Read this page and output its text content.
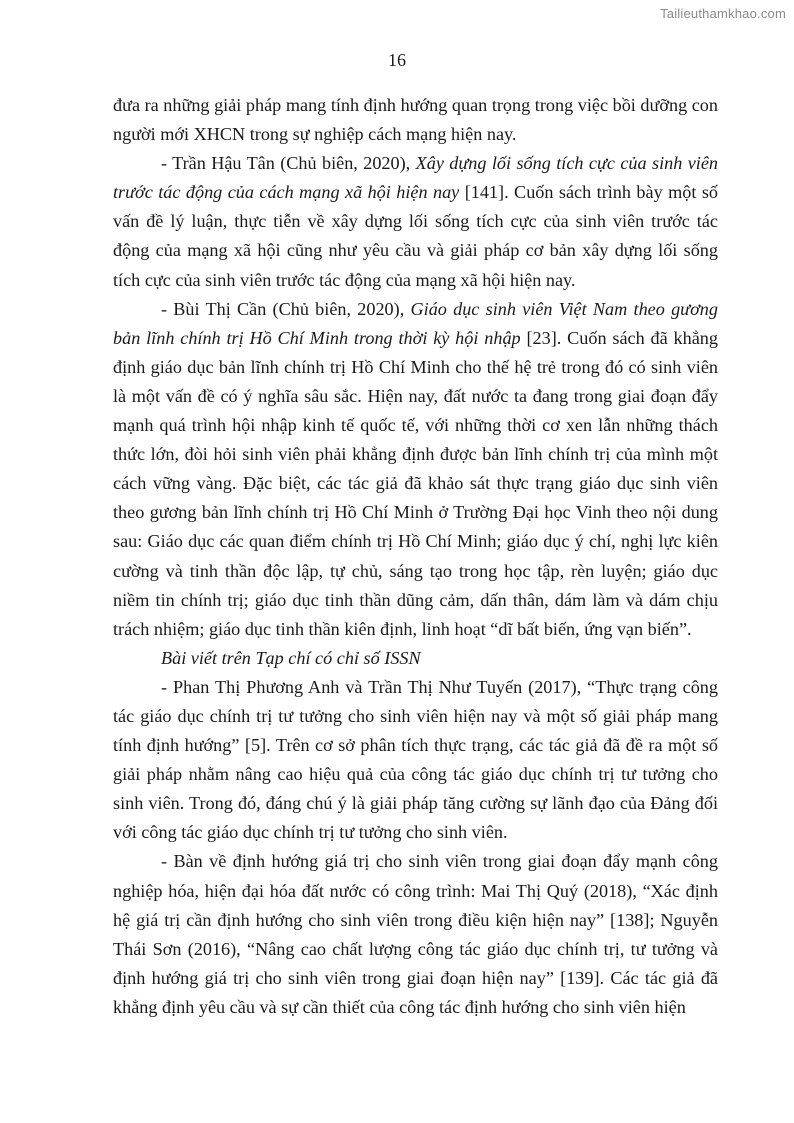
Tailieuthamkhao.com
16

đưa ra những giải pháp mang tính định hướng quan trọng trong việc bồi dưỡng con người mới XHCN trong sự nghiệp cách mạng hiện nay.

- Trần Hậu Tân (Chủ biên, 2020), Xây dựng lối sống tích cực của sinh viên trước tác động của cách mạng xã hội hiện nay [141]. Cuốn sách trình bày một số vấn đề lý luận, thực tiễn về xây dựng lối sống tích cực của sinh viên trước tác động của mạng xã hội cũng như yêu cầu và giải pháp cơ bản xây dựng lối sống tích cực của sinh viên trước tác động của mạng xã hội hiện nay.

- Bùi Thị Cần (Chủ biên, 2020), Giáo dục sinh viên Việt Nam theo gương bản lĩnh chính trị Hồ Chí Minh trong thời kỳ hội nhập [23]. Cuốn sách đã khẳng định giáo dục bản lĩnh chính trị Hồ Chí Minh cho thế hệ trẻ trong đó có sinh viên là một vấn đề có ý nghĩa sâu sắc. Hiện nay, đất nước ta đang trong giai đoạn đẩy mạnh quá trình hội nhập kinh tế quốc tế, với những thời cơ xen lẫn những thách thức lớn, đòi hỏi sinh viên phải khẳng định được bản lĩnh chính trị của mình một cách vững vàng. Đặc biệt, các tác giả đã khảo sát thực trạng giáo dục sinh viên theo gương bản lĩnh chính trị Hồ Chí Minh ở Trường Đại học Vinh theo nội dung sau: Giáo dục các quan điểm chính trị Hồ Chí Minh; giáo dục ý chí, nghị lực kiên cường và tinh thần độc lập, tự chủ, sáng tạo trong học tập, rèn luyện; giáo dục niềm tin chính trị; giáo dục tinh thần dũng cảm, dấn thân, dám làm và dám chịu trách nhiệm; giáo dục tinh thần kiên định, linh hoạt “dĩ bất biến, ứng vạn biến”.

Bài viết trên Tạp chí có chỉ số ISSN

- Phan Thị Phương Anh và Trần Thị Như Tuyến (2017), “Thực trạng công tác giáo dục chính trị tư tưởng cho sinh viên hiện nay và một số giải pháp mang tính định hướng” [5]. Trên cơ sở phân tích thực trạng, các tác giả đã đề ra một số giải pháp nhằm nâng cao hiệu quả của công tác giáo dục chính trị tư tưởng cho sinh viên. Trong đó, đáng chú ý là giải pháp tăng cường sự lãnh đạo của Đảng đối với công tác giáo dục chính trị tư tưởng cho sinh viên.

- Bàn về định hướng giá trị cho sinh viên trong giai đoạn đẩy mạnh công nghiệp hóa, hiện đại hóa đất nước có công trình: Mai Thị Quý (2018), “Xác định hệ giá trị cần định hướng cho sinh viên trong điều kiện hiện nay” [138]; Nguyễn Thái Sơn (2016), “Nâng cao chất lượng công tác giáo dục chính trị, tư tưởng và định hướng giá trị cho sinh viên trong giai đoạn hiện nay” [139]. Các tác giả đã khẳng định yêu cầu và sự cần thiết của công tác định hướng cho sinh viên hiện
